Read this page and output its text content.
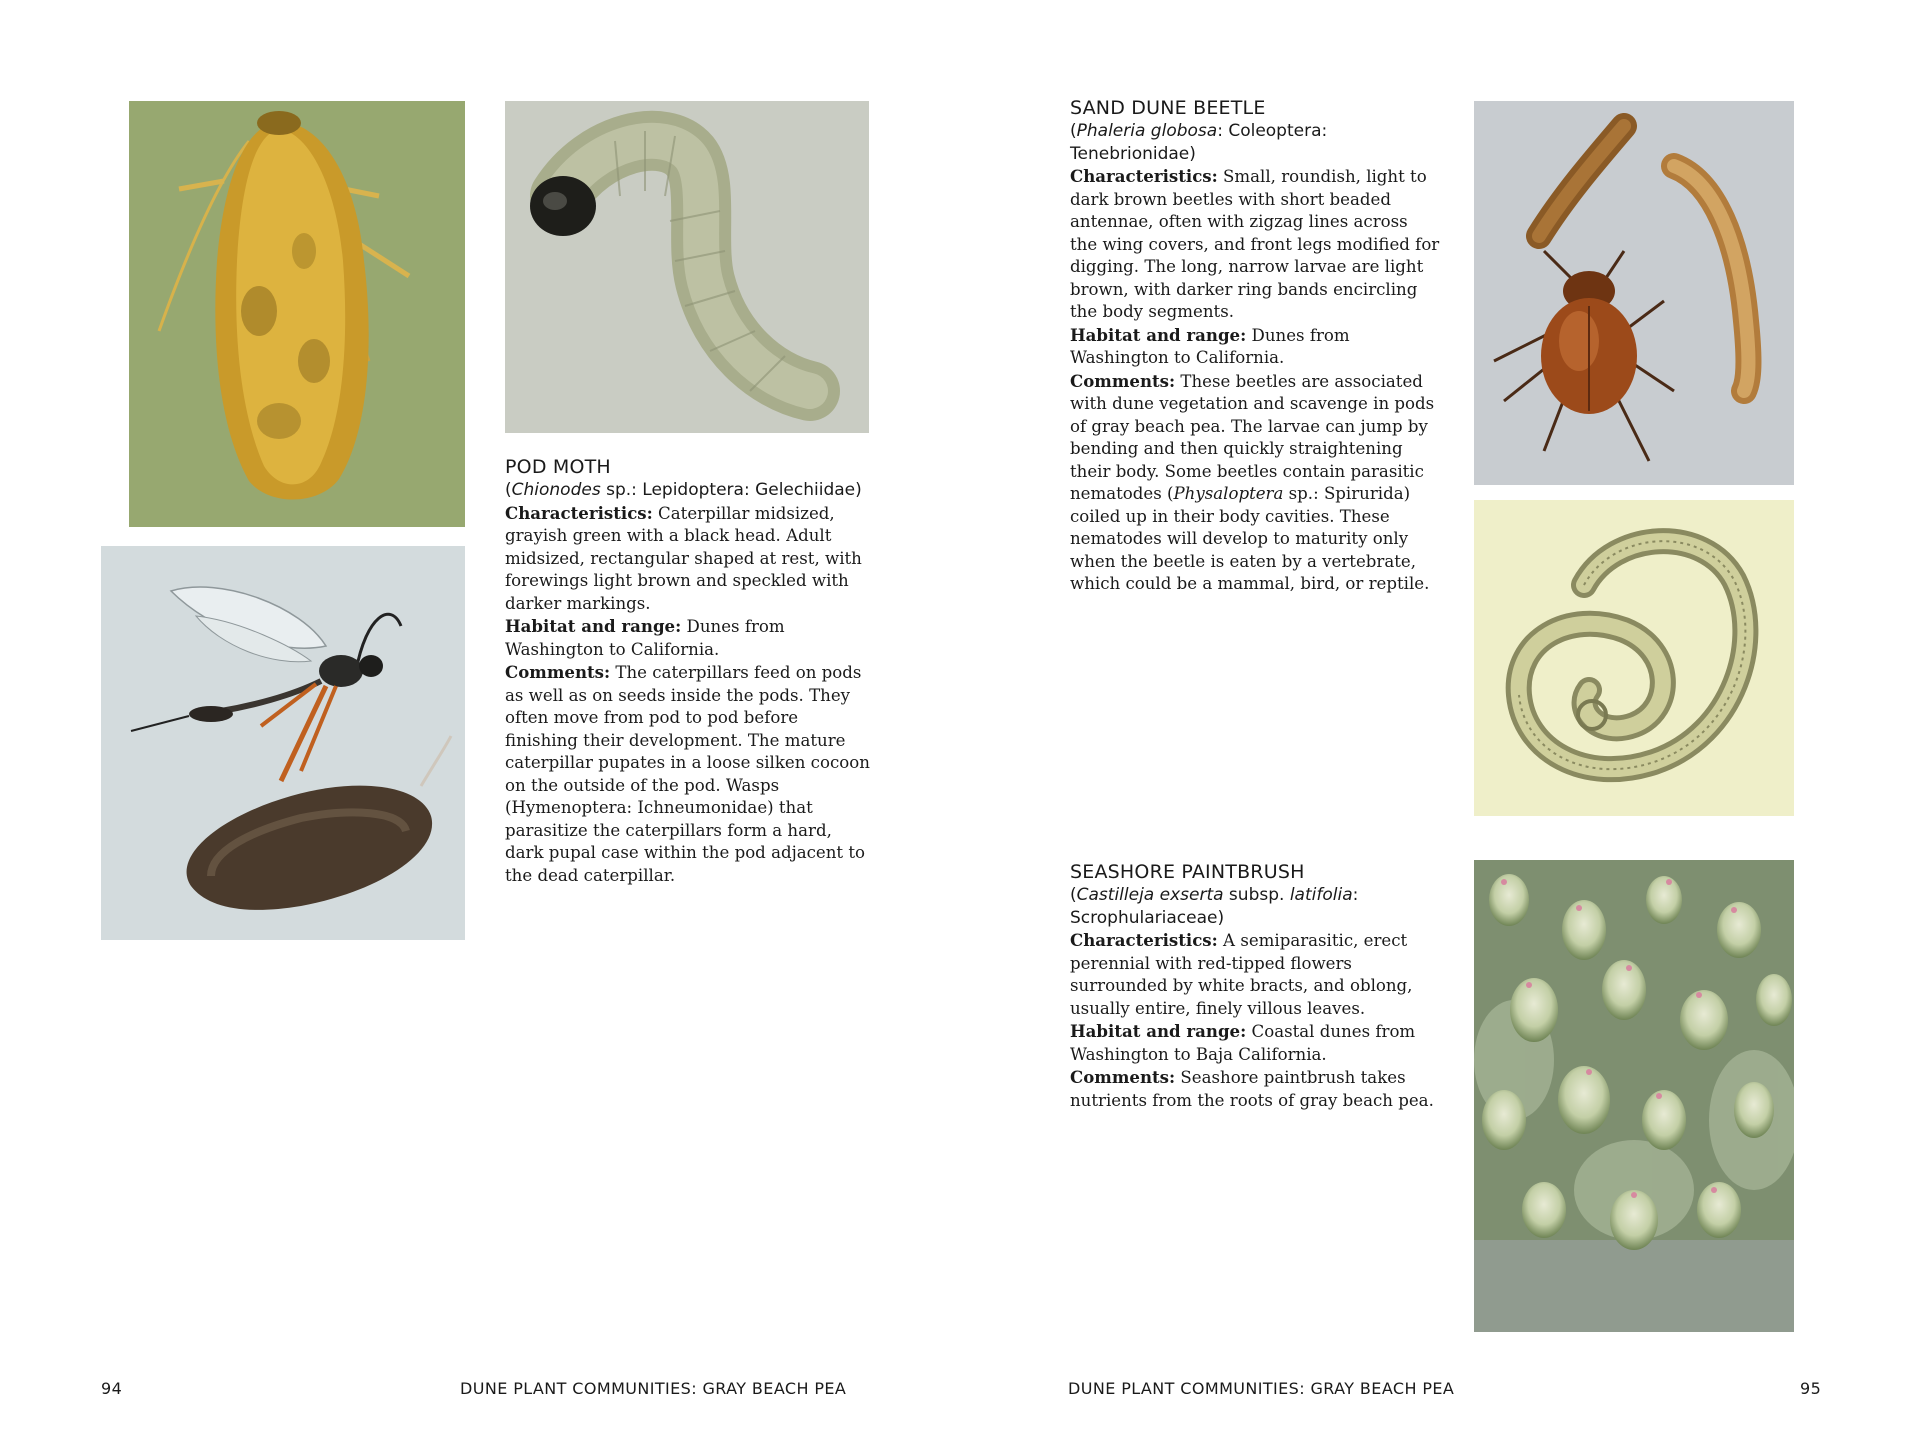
POD MOTH
(Chionodes sp.: Lepidoptera: Gelechiidae)

Characteristics: Caterpillar midsized, grayish green with a black head. Adult midsized, rectangular shaped at rest, with forewings light brown and speckled with darker markings.

Habitat and range: Dunes from Washington to California.

Comments: The caterpillars feed on pods as well as on seeds inside the pods. They often move from pod to pod before finishing their development. The mature caterpillar pupates in a loose silken cocoon on the outside of the pod. Wasps (Hymenoptera: Ichneumonidae) that parasitize the caterpillars form a hard, dark pupal case within the pod adjacent to the dead caterpillar.

94	DUNE PLANT COMMUNITIES: GRAY BEACH PEA
SAND DUNE BEETLE
(Phaleria globosa: Coleoptera: Tenebrionidae)

Characteristics: Small, roundish, light to dark brown beetles with short beaded antennae, often with zigzag lines across the wing covers, and front legs modified for digging. The long, narrow larvae are light brown, with darker ring bands encircling the body segments.

Habitat and range: Dunes from Washington to California.

Comments: These beetles are associated with dune vegetation and scavenge in pods of gray beach pea. The larvae can jump by bending and then quickly straightening their body. Some beetles contain parasitic nematodes (Physaloptera sp.: Spirurida) coiled up in their body cavities. These nematodes will develop to maturity only when the beetle is eaten by a vertebrate, which could be a mammal, bird, or reptile.

SEASHORE PAINTBRUSH
(Castilleja exserta subsp. latifolia: Scrophulariaceae)

Characteristics: A semiparasitic, erect perennial with red-tipped flowers surrounded by white bracts, and oblong, usually entire, finely villous leaves.

Habitat and range: Coastal dunes from Washington to Baja California.

Comments: Seashore paintbrush takes nutrients from the roots of gray beach pea.

DUNE PLANT COMMUNITIES: GRAY BEACH PEA	95
